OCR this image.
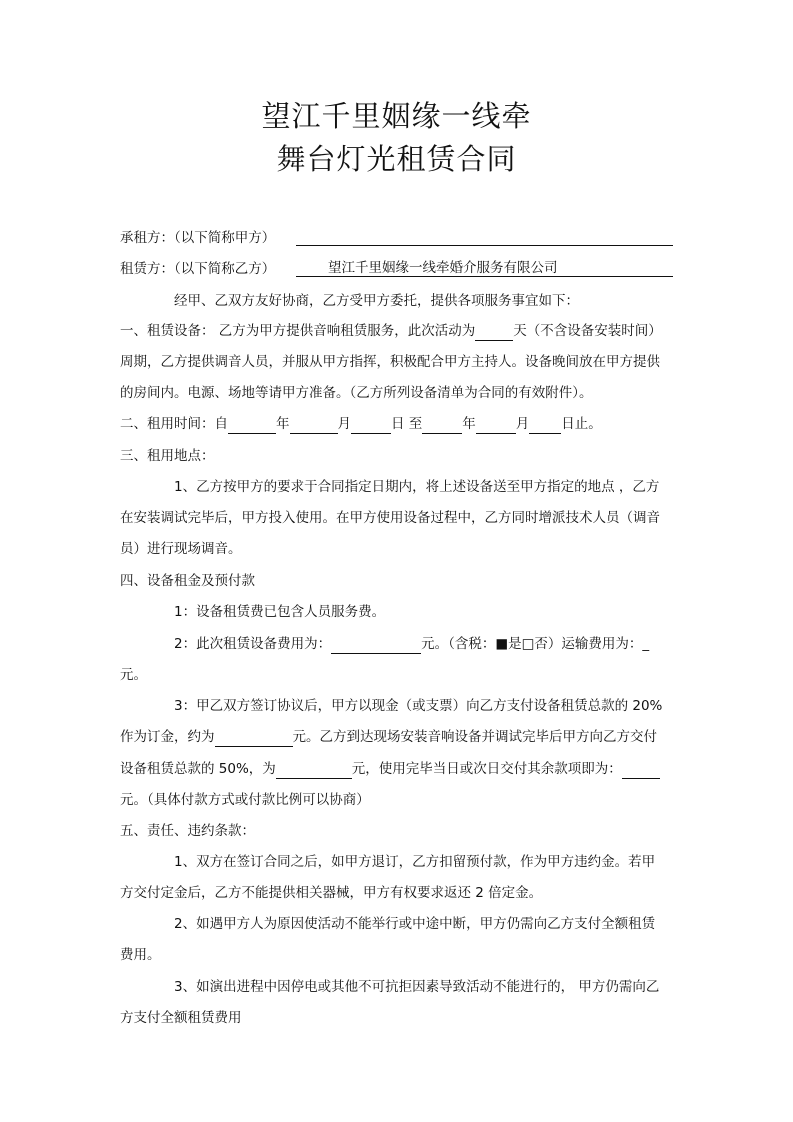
望江千里姻缘一线牵
舞台灯光租赁合同
承租方：（以下简称甲方）
租赁方：（以下简称乙方）	望江千里姻缘一线牵婚介服务有限公司
经甲、乙双方友好协商，乙方受甲方委托，提供各项服务事宜如下：
一、租赁设备： 乙方为甲方提供音响租赁服务，此次活动为	天（不含设备安装时间）
周期，乙方提供调音人员，并服从甲方指挥，积极配合甲方主持人。设备晚间放在甲方提供
的房间内。电源、场地等请甲方准备。（乙方所列设备清单为合同的有效附件）。
二、租用时间：自	年	月	日 至	年	月 日止。
三、租用地点：
1、乙方按甲方的要求于合同指定日期内，将上述设备送至甲方指定的地点 ，乙方
在安装调试完毕后，甲方投入使用。在甲方使用设备过程中，乙方同时增派技术人员（调音
员）进行现场调音。
四、设备租金及预付款
1：设备租赁费已包含人员服务费。
2：此次租赁设备费用为：	元。（含税：■是□否）运输费用为：_
元。
3：甲乙双方签订协议后，甲方以现金（或支票）向乙方支付设备租赁总款的 20%
作为订金，约为	元。乙方到达现场安装音响设备并调试完毕后甲方向乙方交付
设备租赁总款的 50%，为	元，使用完毕当日或次日交付其余款项即为：
元。（具体付款方式或付款比例可以协商）
五、责任、违约条款：
1、双方在签订合同之后，如甲方退订，乙方扣留预付款，作为甲方违约金。若甲
方交付定金后，乙方不能提供相关器械，甲方有权要求返还 2 倍定金。
2、如遇甲方人为原因使活动不能举行或中途中断，甲方仍需向乙方支付全额租赁
费用。
3、如演出进程中因停电或其他不可抗拒因素导致活动不能进行的， 甲方仍需向乙
方支付全额租赁费用
